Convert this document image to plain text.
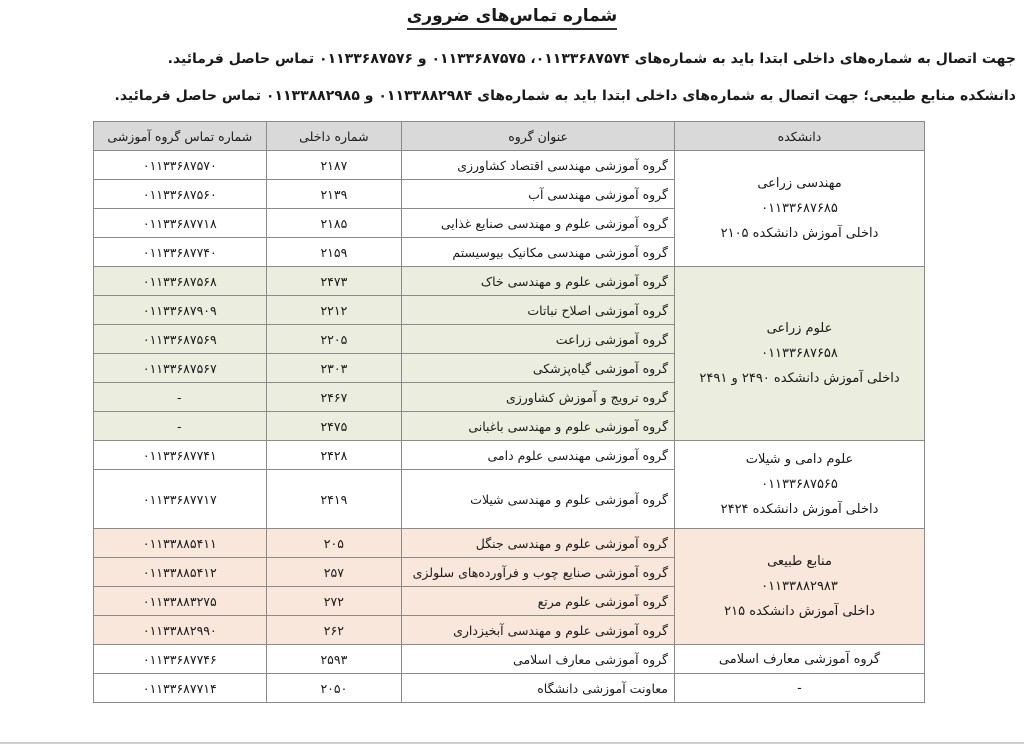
شماره تماس‌های ضروری
جهت اتصال به شماره‌های داخلی ابتدا باید به شماره‌های ۰۱۱۳۳۶۸۷۵۷۴، ۰۱۱۳۳۶۸۷۵۷۵ و ۰۱۱۳۳۶۸۷۵۷۶ تماس حاصل فرمائید.
دانشکده منابع طبیعی؛ جهت اتصال به شماره‌های داخلی ابتدا باید به شماره‌های ۰۱۱۳۳۸۸۲۹۸۴ و ۰۱۱۳۳۸۸۲۹۸۵ تماس حاصل فرمائید.
دانشکده	عنوان گروه	شماره داخلی	شماره تماس گروه آموزشی

مهندسی زراعی
۰۱۱۳۳۶۸۷۶۸۵
داخلی آموزش دانشکده ۲۱۰۵	گروه آموزشی مهندسی اقتصاد کشاورزی	۲۱۸۷	۰۱۱۳۳۶۸۷۵۷۰
	گروه آموزشی مهندسی آب	۲۱۳۹	۰۱۱۳۳۶۸۷۵۶۰
	گروه آموزشی علوم و مهندسی صنایع غذایی	۲۱۸۵	۰۱۱۳۳۶۸۷۷۱۸
	گروه آموزشی مهندسی مکانیک بیوسیستم	۲۱۵۹	۰۱۱۳۳۶۸۷۷۴۰

علوم زراعی
۰۱۱۳۳۶۸۷۶۵۸
داخلی آموزش دانشکده ۲۴۹۰ و ۲۴۹۱	گروه آموزشی علوم و مهندسی خاک	۲۴۷۳	۰۱۱۳۳۶۸۷۵۶۸
	گروه آموزشی اصلاح نباتات	۲۲۱۲	۰۱۱۳۳۶۸۷۹۰۹
	گروه آموزشی زراعت	۲۲۰۵	۰۱۱۳۳۶۸۷۵۶۹
	گروه آموزشی گیاه‌پزشکی	۲۳۰۳	۰۱۱۳۳۶۸۷۵۶۷
	گروه ترویج و آموزش کشاورزی	۲۴۶۷	-
	گروه آموزشی علوم و مهندسی باغبانی	۲۴۷۵	-

علوم دامی و شیلات
۰۱۱۳۳۶۸۷۵۶۵
داخلی آموزش دانشکده ۲۴۲۴	گروه آموزشی مهندسی علوم دامی	۲۴۲۸	۰۱۱۳۳۶۸۷۷۴۱
	گروه آموزشی علوم و مهندسی شیلات	۲۴۱۹	۰۱۱۳۳۶۸۷۷۱۷

منابع طبیعی
۰۱۱۳۳۸۸۲۹۸۳
داخلی آموزش دانشکده ۲۱۵	گروه آموزشی علوم و مهندسی جنگل	۲۰۵	۰۱۱۳۳۸۸۵۴۱۱
	گروه آموزشی صنایع چوب و فرآورده‌های سلولزی	۲۵۷	۰۱۱۳۳۸۸۵۴۱۲
	گروه آموزشی علوم مرتع	۲۷۲	۰۱۱۳۳۸۸۳۲۷۵
	گروه آموزشی علوم و مهندسی آبخیزداری	۲۶۲	۰۱۱۳۳۸۸۲۹۹۰

گروه آموزشی معارف اسلامی	گروه آموزشی معارف اسلامی	۲۵۹۳	۰۱۱۳۳۶۸۷۷۴۶

-	معاونت آموزشی دانشگاه	۲۰۵۰	۰۱۱۳۳۶۸۷۷۱۴
